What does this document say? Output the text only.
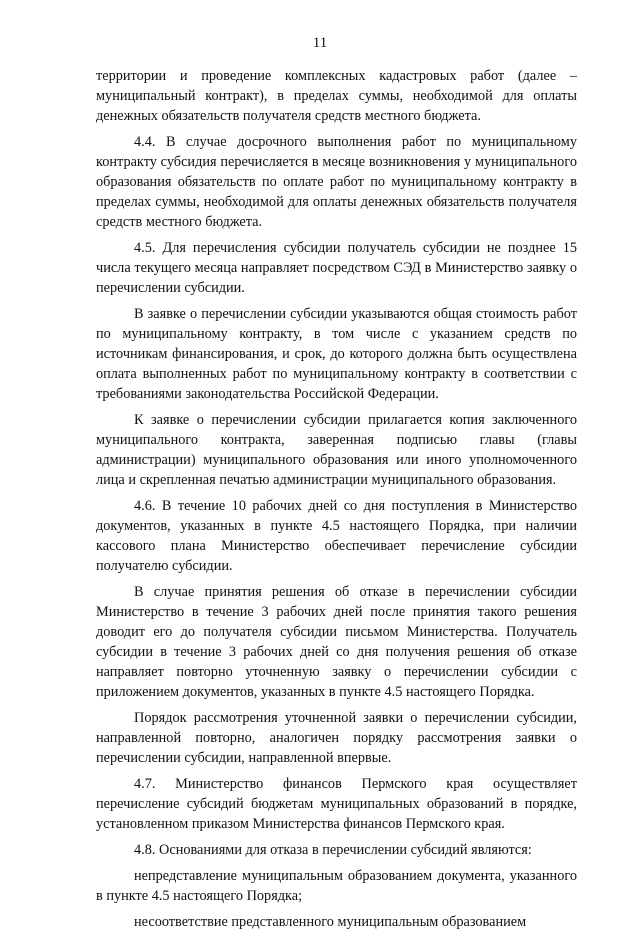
11

территории и проведение комплексных кадастровых работ (далее – муниципальный контракт), в пределах суммы, необходимой для оплаты денежных обязательств получателя средств местного бюджета.

4.4. В случае досрочного выполнения работ по муниципальному контракту субсидия перечисляется в месяце возникновения у муниципального образования обязательств по оплате работ по муниципальному контракту в пределах суммы, необходимой для оплаты денежных обязательств получателя средств местного бюджета.

4.5. Для перечисления субсидии получатель субсидии не позднее 15 числа текущего месяца направляет посредством СЭД в Министерство заявку о перечислении субсидии.

В заявке о перечислении субсидии указываются общая стоимость работ по муниципальному контракту, в том числе с указанием средств по источникам финансирования, и срок, до которого должна быть осуществлена оплата выполненных работ по муниципальному контракту в соответствии с требованиями законодательства Российской Федерации.

К заявке о перечислении субсидии прилагается копия заключенного муниципального контракта, заверенная подписью главы (главы администрации) муниципального образования или иного уполномоченного лица и скрепленная печатью администрации муниципального образования.

4.6. В течение 10 рабочих дней со дня поступления в Министерство документов, указанных в пункте 4.5 настоящего Порядка, при наличии кассового плана Министерство обеспечивает перечисление субсидии получателю субсидии.

В случае принятия решения об отказе в перечислении субсидии Министерство в течение 3 рабочих дней после принятия такого решения доводит его до получателя субсидии письмом Министерства. Получатель субсидии в течение 3 рабочих дней со дня получения решения об отказе направляет повторно уточненную заявку о перечислении субсидии с приложением документов, указанных в пункте 4.5 настоящего Порядка.

Порядок рассмотрения уточненной заявки о перечислении субсидии, направленной повторно, аналогичен порядку рассмотрения заявки о перечислении субсидии, направленной впервые.

4.7. Министерство финансов Пермского края осуществляет перечисление субсидий бюджетам муниципальных образований в порядке, установленном приказом Министерства финансов Пермского края.

4.8. Основаниями для отказа в перечислении субсидий являются:

непредставление муниципальным образованием документа, указанного в пункте 4.5 настоящего Порядка;

несоответствие представленного муниципальным образованием
